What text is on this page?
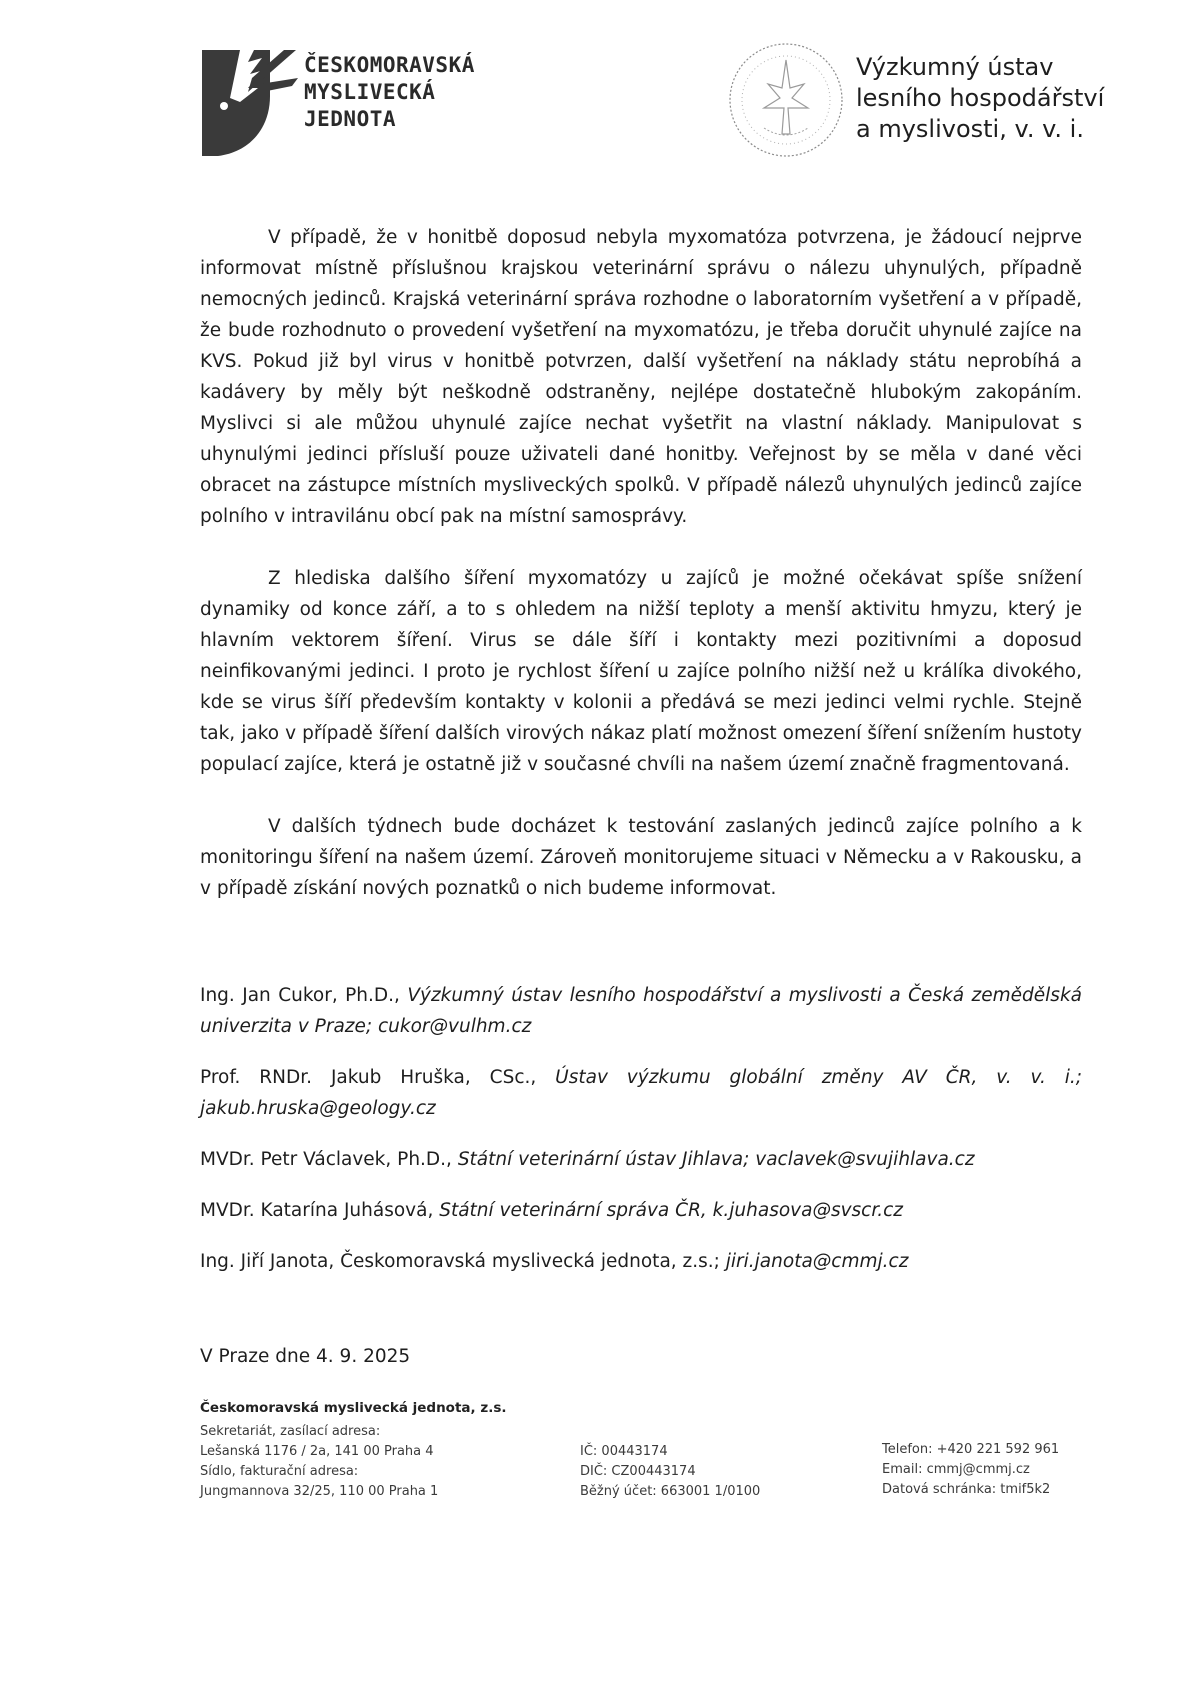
ČESKOMORAVSKÁ
MYSLIVECKÁ
JEDNOTA
Výzkumný ústav
lesního hospodářství
a myslivosti, v. v. i.

V případě, že v honitbě doposud nebyla myxomatóza potvrzena, je žádoucí nejprve informovat místně příslušnou krajskou veterinární správu o nálezu uhynulých, případně nemocných jedinců. Krajská veterinární správa rozhodne o laboratorním vyšetření a v případě, že bude rozhodnuto o provedení vyšetření na myxomatózu, je třeba doručit uhynulé zajíce na KVS. Pokud již byl virus v honitbě potvrzen, další vyšetření na náklady státu neprobíhá a kadávery by měly být neškodně odstraněny, nejlépe dostatečně hlubokým zakopáním. Myslivci si ale můžou uhynulé zajíce nechat vyšetřit na vlastní náklady. Manipulovat s uhynulými jedinci přísluší pouze uživateli dané honitby. Veřejnost by se měla v dané věci obracet na zástupce místních mysliveckých spolků. V případě nálezů uhynulých jedinců zajíce polního v intravilánu obcí pak na místní samosprávy.

Z hlediska dalšího šíření myxomatózy u zajíců je možné očekávat spíše snížení dynamiky od konce září, a to s ohledem na nižší teploty a menší aktivitu hmyzu, který je hlavním vektorem šíření. Virus se dále šíří i kontakty mezi pozitivními a doposud neinfikovanými jedinci. I proto je rychlost šíření u zajíce polního nižší než u králíka divokého, kde se virus šíří především kontakty v kolonii a předává se mezi jedinci velmi rychle. Stejně tak, jako v případě šíření dalších virových nákaz platí možnost omezení šíření snížením hustoty populací zajíce, která je ostatně již v současné chvíli na našem území značně fragmentovaná.

V dalších týdnech bude docházet k testování zaslaných jedinců zajíce polního a k monitoringu šíření na našem území. Zároveň monitorujeme situaci v Německu a v Rakousku, a v případě získání nových poznatků o nich budeme informovat.

Ing. Jan Cukor, Ph.D., Výzkumný ústav lesního hospodářství a myslivosti a Česká zemědělská univerzita v Praze; cukor@vulhm.cz
Prof. RNDr. Jakub Hruška, CSc., Ústav výzkumu globální změny AV ČR, v. v. i.; jakub.hruska@geology.cz
MVDr. Petr Václavek, Ph.D., Státní veterinární ústav Jihlava; vaclavek@svujihlava.cz
MVDr. Katarína Juhásová, Státní veterinární správa ČR, k.juhasova@svscr.cz
Ing. Jiří Janota, Českomoravská myslivecká jednota, z.s.; jiri.janota@cmmj.cz
V Praze dne 4. 9. 2025
Českomoravská myslivecká jednota, z.s.
Sekretariát, zasílací adresa:
Lešanská 1176 / 2a, 141 00 Praha 4
Sídlo, fakturační adresa:
Jungmannova 32/25, 110 00 Praha 1
IČ: 00443174
DIČ: CZ00443174
Běžný účet: 663001 1/0100
Telefon: +420 221 592 961
Email: cmmj@cmmj.cz
Datová schránka: tmif5k2
